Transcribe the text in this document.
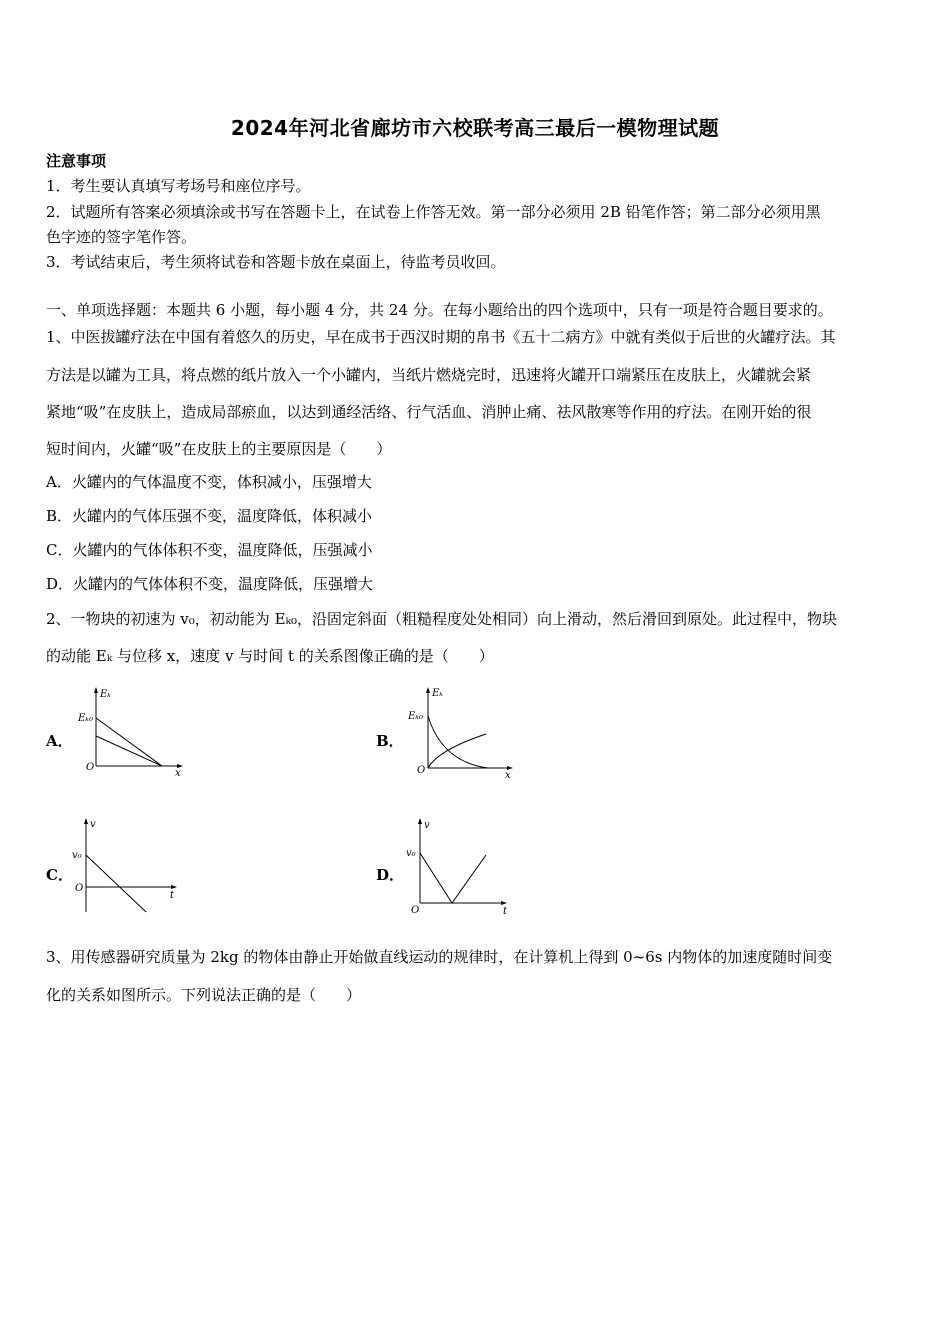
2024年河北省廊坊市六校联考高三最后一模物理试题
注意事项
1．考生要认真填写考场号和座位序号。
2．试题所有答案必须填涂或书写在答题卡上，在试卷上作答无效。第一部分必须用 2B 铅笔作答；第二部分必须用黑
色字迹的签字笔作答。
3．考试结束后，考生须将试卷和答题卡放在桌面上，待监考员收回。
一、单项选择题：本题共 6 小题，每小题 4 分，共 24 分。在每小题给出的四个选项中，只有一项是符合题目要求的。
1、中医拔罐疗法在中国有着悠久的历史，早在成书于西汉时期的帛书《五十二病方》中就有类似于后世的火罐疗法。其
方法是以罐为工具，将点燃的纸片放入一个小罐内，当纸片燃烧完时，迅速将火罐开口端紧压在皮肤上，火罐就会紧
紧地“吸”在皮肤上，造成局部瘀血，以达到通经活络、行气活血、消肿止痛、祛风散寒等作用的疗法。在刚开始的很
短时间内，火罐“吸”在皮肤上的主要原因是（　　）
A．火罐内的气体温度不变，体积减小，压强增大
B．火罐内的气体压强不变，温度降低，体积减小
C．火罐内的气体体积不变，温度降低，压强减小
D．火罐内的气体体积不变，温度降低，压强增大
2、一物块的初速为 v₀，初动能为 Eₖ₀，沿固定斜面（粗糙程度处处相同）向上滑动，然后滑回到原处。此过程中，物块
的动能 Eₖ 与位移 x，速度 v 与时间 t 的关系图像正确的是（　　）
A．
Eₖ
Eₖ₀
O
x
B．
Eₖ
Eₖ₀
O	x
C．
v
v₀
O
t
D．
v
v₀
O	t
3、用传感器研究质量为 2kg 的物体由静止开始做直线运动的规律时，在计算机上得到 0~6s 内物体的加速度随时间变
化的关系如图所示。下列说法正确的是（　　）
